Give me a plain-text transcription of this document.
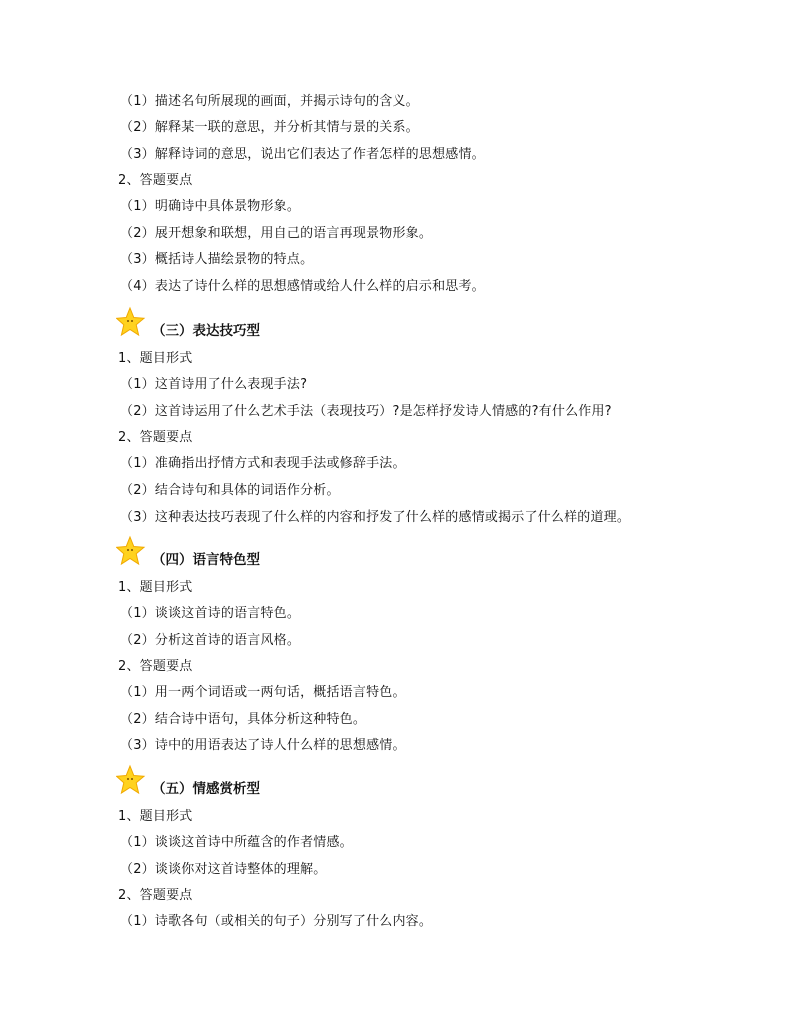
（1）描述名句所展现的画面，并揭示诗句的含义。
（2）解释某一联的意思，并分析其情与景的关系。
（3）解释诗词的意思，说出它们表达了作者怎样的思想感情。
2、答题要点
（1）明确诗中具体景物形象。
（2）展开想象和联想，用自己的语言再现景物形象。
（3）概括诗人描绘景物的特点。
（4）表达了诗什么样的思想感情或给人什么样的启示和思考。
（三）表达技巧型
1、题目形式
（1）这首诗用了什么表现手法?
（2）这首诗运用了什么艺术手法（表现技巧）?是怎样抒发诗人情感的?有什么作用?
2、答题要点
（1）准确指出抒情方式和表现手法或修辞手法。
（2）结合诗句和具体的词语作分析。
（3）这种表达技巧表现了什么样的内容和抒发了什么样的感情或揭示了什么样的道理。
（四）语言特色型
1、题目形式
（1）谈谈这首诗的语言特色。
（2）分析这首诗的语言风格。
2、答题要点
（1）用一两个词语或一两句话，概括语言特色。
（2）结合诗中语句，具体分析这种特色。
（3）诗中的用语表达了诗人什么样的思想感情。
（五）情感赏析型
1、题目形式
（1）谈谈这首诗中所蕴含的作者情感。
（2）谈谈你对这首诗整体的理解。
2、答题要点
（1）诗歌各句（或相关的句子）分别写了什么内容。
